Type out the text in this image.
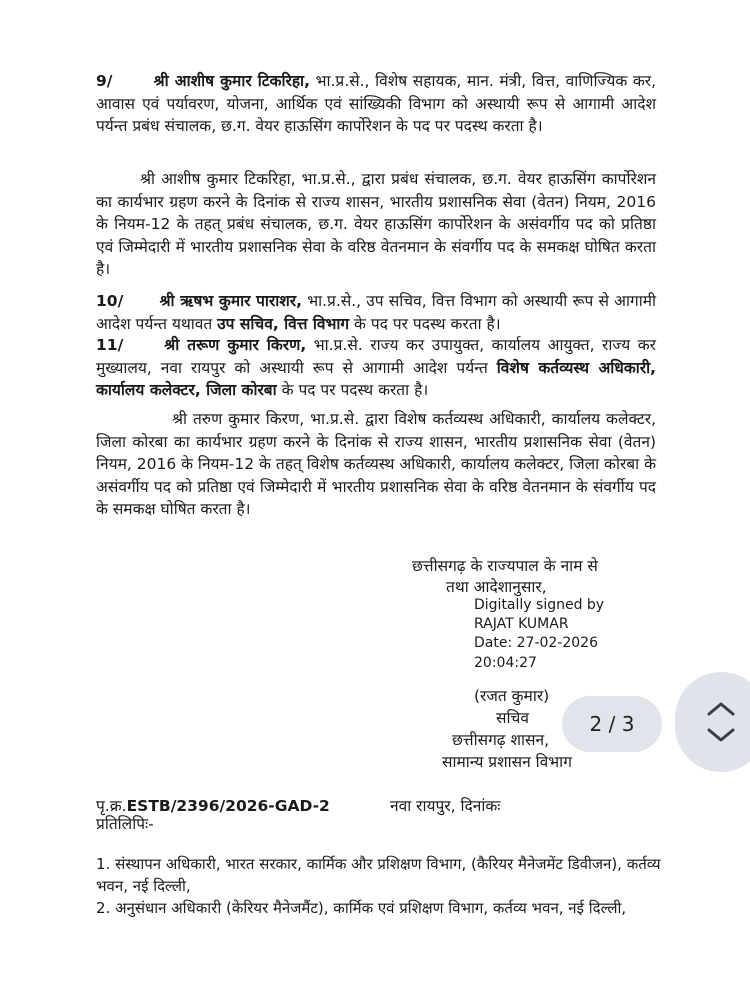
9/	श्री आशीष कुमार टिकरिहा, भा.प्र.से., विशेष सहायक, मान. मंत्री, वित्त, वाणिज्यिक कर, आवास एवं पर्यावरण, योजना, आर्थिक एवं सांख्यिकी विभाग को अस्थायी रूप से आगामी आदेश पर्यन्त प्रबंध संचालक, छ.ग. वेयर हाऊसिंग कार्पोरेशन के पद पर पदस्थ करता है।
श्री आशीष कुमार टिकरिहा, भा.प्र.से., द्वारा प्रबंध संचालक, छ.ग. वेयर हाऊसिंग कार्पोरेशन का कार्यभार ग्रहण करने के दिनांक से राज्य शासन, भारतीय प्रशासनिक सेवा (वेतन) नियम, 2016 के नियम-12 के तहत् प्रबंध संचालक, छ.ग. वेयर हाऊसिंग कार्पोरेशन के असंवर्गीय पद को प्रतिष्ठा एवं जिम्मेदारी में भारतीय प्रशासनिक सेवा के वरिष्ठ वेतनमान के संवर्गीय पद के समकक्ष घोषित करता है।
10/ श्री ऋषभ कुमार पाराशर, भा.प्र.से., उप सचिव, वित्त विभाग को अस्थायी रूप से आगामी आदेश पर्यन्त यथावत उप सचिव, वित्त विभाग के पद पर पदस्थ करता है।
11/	श्री तरूण कुमार किरण, भा.प्र.से. राज्य कर उपायुक्त, कार्यालय आयुक्त, राज्य कर मुख्यालय, नवा रायपुर को अस्थायी रूप से आगामी आदेश पर्यन्त विशेष कर्तव्यस्थ अधिकारी, कार्यालय कलेक्टर, जिला कोरबा के पद पर पदस्थ करता है।
श्री तरुण कुमार किरण, भा.प्र.से. द्वारा विशेष कर्तव्यस्थ अधिकारी, कार्यालय कलेक्टर, जिला कोरबा का कार्यभार ग्रहण करने के दिनांक से राज्य शासन, भारतीय प्रशासनिक सेवा (वेतन) नियम, 2016 के नियम-12 के तहत् विशेष कर्तव्यस्थ अधिकारी, कार्यालय कलेक्टर, जिला कोरबा के असंवर्गीय पद को प्रतिष्ठा एवं जिम्मेदारी में भारतीय प्रशासनिक सेवा के वरिष्ठ वेतनमान के संवर्गीय पद के समकक्ष घोषित करता है।
छत्तीसगढ़ के राज्यपाल के नाम से
तथा आदेशानुसार,
Digitally signed by
RAJAT KUMAR
Date: 27-02-2026
20:04:27
(रजत कुमार)
सचिव
छत्तीसगढ़ शासन,
सामान्य प्रशासन विभाग
पृ.क्र.ESTB/2396/2026-GAD-2	नवा रायपुर, दिनांकः
प्रतिलिपिः-
1. संस्थापन अधिकारी, भारत सरकार, कार्मिक और प्रशिक्षण विभाग, (कैरियर मैनेजमेंट डिवीजन), कर्तव्य भवन, नई दिल्ली,
2. अनुसंधान अधिकारी (केरियर मैनेजमैंट), कार्मिक एवं प्रशिक्षण विभाग, कर्तव्य भवन, नई दिल्ली,
2 / 3
